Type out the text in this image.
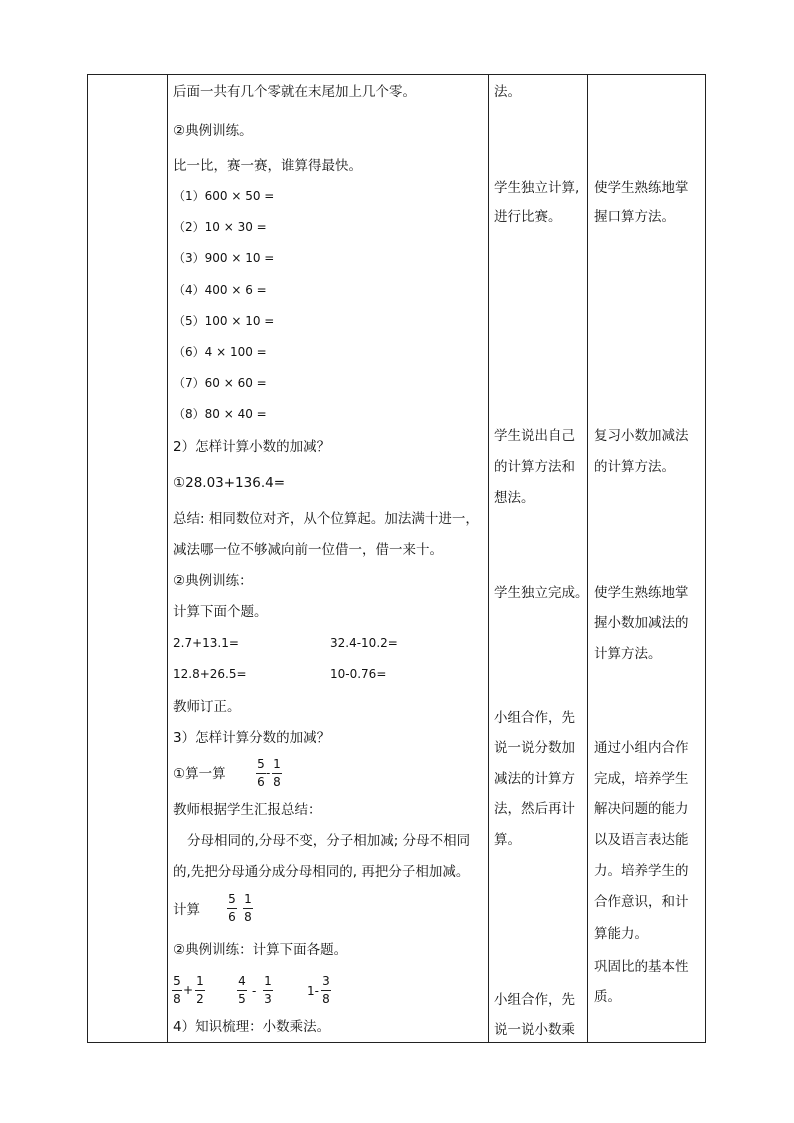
后面一共有几个零就在末尾加上几个零。
②典例训练。
比一比，赛一赛，谁算得最快。
（1）600 × 50 =
（2）10 × 30 =
（3）900 × 10 =
（4）400 × 6 =
（5）100 × 10 =
（6）4 × 100 =
（7）60 × 60 =
（8）80 × 40 =
2）怎样计算小数的加减？
①28.03+136.4=
总结: 相同数位对齐，从个位算起。加法满十进一，
减法哪一位不够减向前一位借一，借一来十。
②典例训练：
计算下面个题。
2.7+13.1=	32.4-10.2=
12.8+26.5=	10-0.76=
教师订正。
3）怎样计算分数的加减？
①算一算
5
6
-
1
8
教师根据学生汇报总结：
分母相同的,分母不变，分子相加减; 分母不相同
的,先把分母通分成分母相同的, 再把分子相加减。
计算
5
6
1
8
②典例训练：计算下面各题。
5
8
+
1
2
4
5
-
1
3
1-
3
8
4）知识梳理：小数乘法。
法。
学生独立计算,
进行比赛。
学生说出自己
的计算方法和
想法。
学生独立完成。
小组合作，先
说一说分数加
减法的计算方
法，然后再计
算。
小组合作，先
说一说小数乘
使学生熟练地掌
握口算方法。
复习小数加减法
的计算方法。
使学生熟练地掌
握小数加减法的
计算方法。
通过小组内合作
完成，培养学生
解决问题的能力
以及语言表达能
力。培养学生的
合作意识，和计
算能力。
巩固比的基本性
质。
